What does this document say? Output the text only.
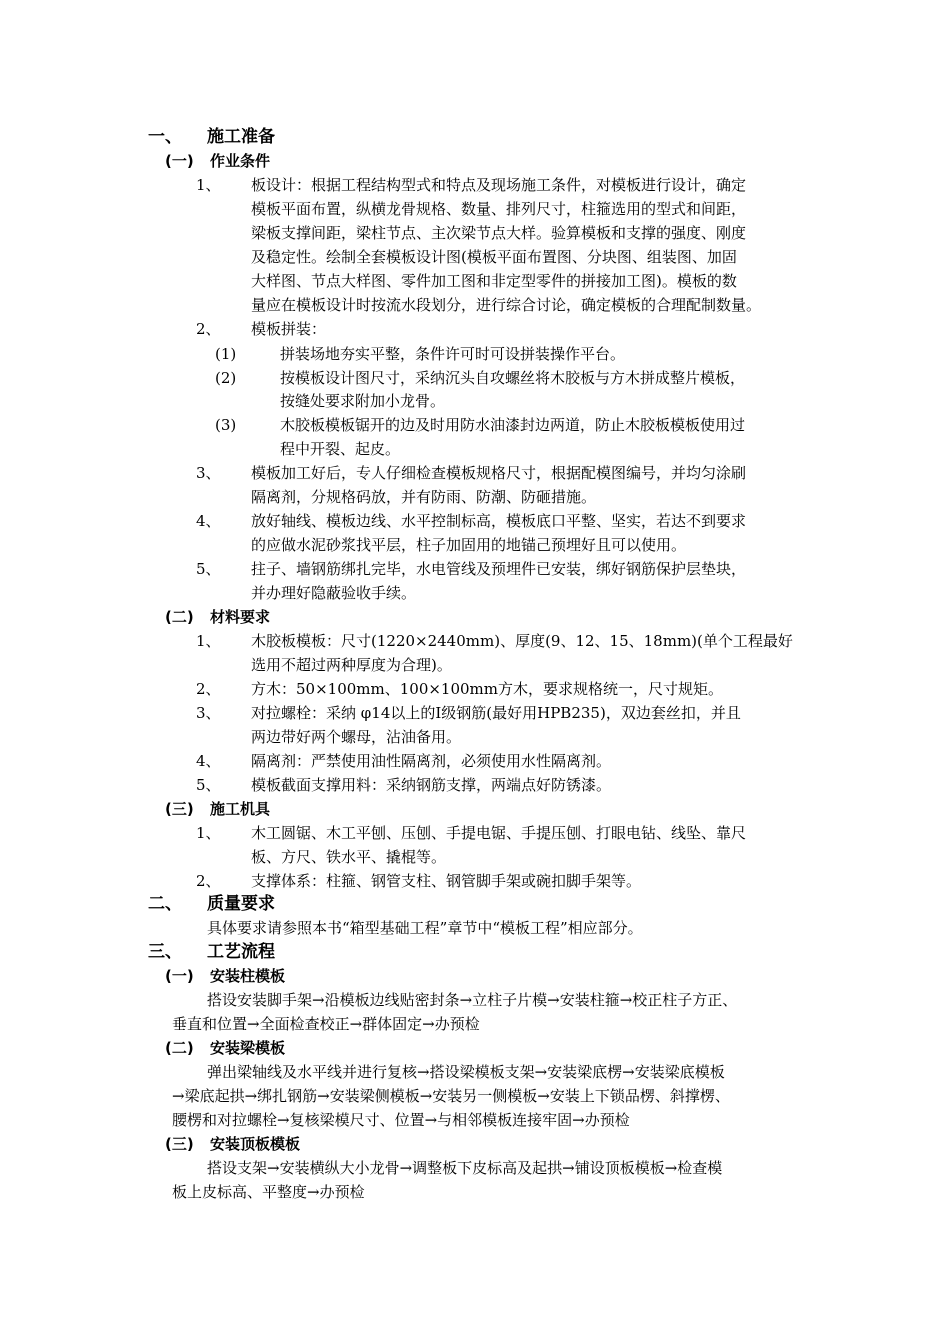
一、 施工准备
(一) 作业条件
1、 板设计：根据工程结构型式和特点及现场施工条件，对模板进行设计，确定
模板平面布置，纵横龙骨规格、数量、排列尺寸，柱箍选用的型式和间距，
梁板支撑间距，梁柱节点、主次梁节点大样。验算模板和支撑的强度、刚度
及稳定性。绘制全套模板设计图(模板平面布置图、分块图、组装图、加固
大样图、节点大样图、零件加工图和非定型零件的拼接加工图)。模板的数
量应在模板设计时按流水段划分，进行综合讨论，确定模板的合理配制数量。
2、 模板拼装：
(1)	拼装场地夯实平整，条件许可时可设拼装操作平台。
(2)	按模板设计图尺寸，采纳沉头自攻螺丝将木胶板与方木拼成整片模板，
按缝处要求附加小龙骨。
(3)	木胶板模板锯开的边及时用防水油漆封边两道，防止木胶板模板使用过
程中开裂、起皮。
3、 模板加工好后，专人仔细检查模板规格尺寸，根据配模图编号，并均匀涂刷
隔离剂，分规格码放，并有防雨、防潮、防砸措施。
4、 放好轴线、模板边线、水平控制标高，模板底口平整、坚实，若达不到要求
的应做水泥砂浆找平层，柱子加固用的地锚己预埋好且可以使用。
5、 拄子、墙钢筋绑扎完毕，水电管线及预埋件已安装，绑好钢筋保护层垫块，
并办理好隐蔽验收手续。
(二) 材料要求
1、 木胶板模板：尺寸(1220×2440mm)、厚度(9、12、15、18mm)(单个工程最好
选用不超过两种厚度为合理)。
2、 方木：50×100mm、100×100mm方木，要求规格统一，尺寸规矩。
3、 对拉螺栓：采纳 φ14以上的Ⅰ级钢筋(最好用HPB235)，双边套丝扣，并且
两边带好两个螺母，沾油备用。
4、 隔离剂：严禁使用油性隔离剂，必须使用水性隔离剂。
5、 模板截面支撑用料：采纳钢筋支撑，两端点好防锈漆。
(三) 施工机具
1、 木工圆锯、木工平刨、压刨、手提电锯、手提压刨、打眼电钻、线坠、靠尺
板、方尺、铁水平、撬棍等。
2、 支撑体系：柱箍、钢管支柱、钢管脚手架或碗扣脚手架等。
二、 质量要求
具体要求请参照本书“箱型基础工程”章节中“模板工程”相应部分。
三、 工艺流程
(一) 安装柱模板
搭设安装脚手架→沿模板边线贴密封条→立柱子片模→安装柱箍→校正柱子方正、
垂直和位置→全面检查校正→群体固定→办预检
(二) 安装梁模板
弹出梁轴线及水平线并进行复核→搭设梁模板支架→安装梁底楞→安装梁底模板
→梁底起拱→绑扎钢筋→安装梁侧模板→安装另一侧模板→安装上下锁品楞、斜撑楞、
腰楞和对拉螺栓→复核梁模尺寸、位置→与相邻模板连接牢固→办预检
(三) 安装顶板模板
搭设支架→安装横纵大小龙骨→调整板下皮标高及起拱→铺设顶板模板→检查模
板上皮标高、平整度→办预检
